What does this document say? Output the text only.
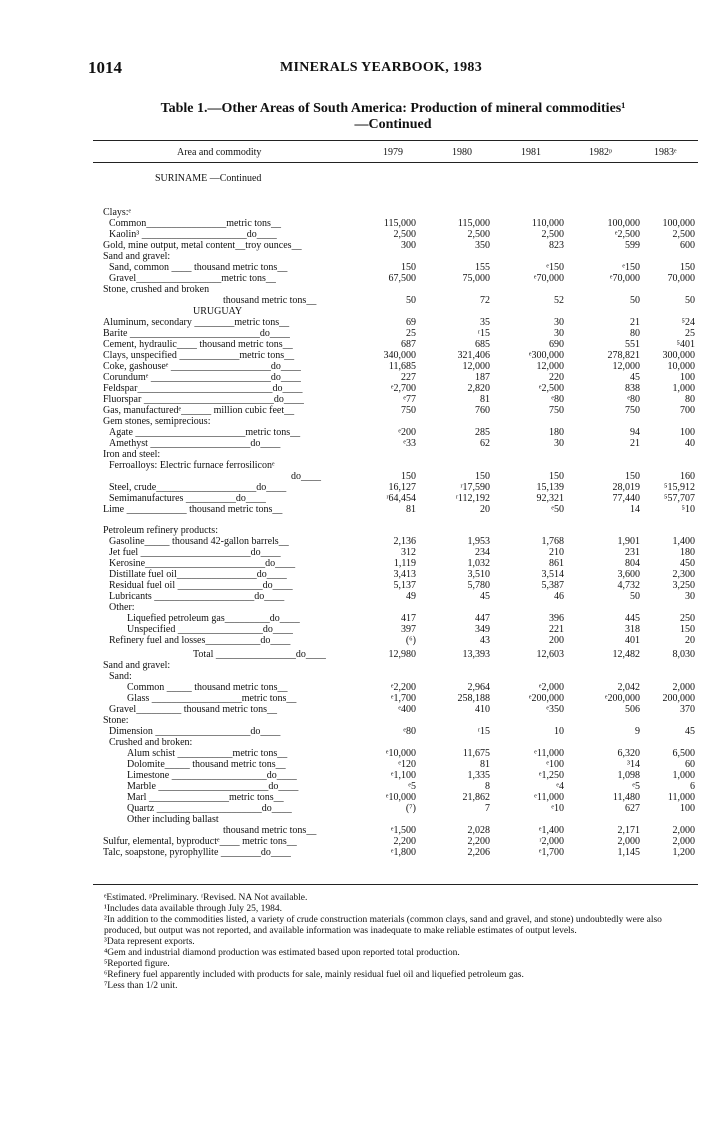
1014	MINERALS YEARBOOK, 1983
Table 1.—Other Areas of South America: Production of mineral commodities¹
—Continued
Area and commodity	1979	1980	1981	1982ᵖ	1983ᵉ
SURINAME —Continued
Clays:ᵉ
Common________________metric tons__	115,000	115,000	110,000	100,000	100,000
Kaolin³ _____________________do____	2,500	2,500	2,500	ᵉ2,500	2,500
Gold, mine output, metal content__troy ounces__	300	350	823	599	600
Sand and gravel:
Sand, common ____ thousand metric tons__	150	155	ᵉ150	ᵉ150	150
Gravel_________________metric tons__	67,500	75,000	ᵉ70,000	ᵉ70,000	70,000
Stone, crushed and broken
thousand metric tons__	50	72	52	50	50
URUGUAY
Aluminum, secondary ________metric tons__	69	35	30	21	⁵24
Barite __________________________do____	25	ʳ15	30	80	25
Cement, hydraulic____ thousand metric tons__	687	685	690	551	⁵401
Clays, unspecified ____________metric tons__	340,000	321,406	ᵉ300,000	278,821	300,000
Coke, gashouseᵉ ____________________do____	11,685	12,000	12,000	12,000	10,000
Corundumᵉ ________________________do____	227	187	220	45	100
Feldspar___________________________do____	ᵉ2,700	2,820	ᵉ2,500	838	1,000
Fluorspar __________________________do____	ᵉ77	81	ᵉ80	ᵉ80	80
Gas, manufacturedᵉ______ million cubic feet__	750	760	750	750	700
Gem stones, semiprecious:
Agate ______________________metric tons__	ᵉ200	285	180	94	100
Amethyst ____________________do____	ᵉ33	62	30	21	40
Iron and steel:
Ferroalloys: Electric furnace ferrosiliconᵉ
do____	150	150	150	150	160
Steel, crude____________________do____	16,127	ʳ17,590	15,139	28,019	⁵15,912
Semimanufactures __________do____	ʳ64,454	ʳ112,192	92,321	77,440	⁵57,707
Lime ____________ thousand metric tons__	81	20	ᵉ50	14	⁵10
Petroleum refinery products:
Gasoline_____ thousand 42-gallon barrels__	2,136	1,953	1,768	1,901	1,400
Jet fuel ______________________do____	312	234	210	231	180
Kerosine________________________do____	1,119	1,032	861	804	450
Distillate fuel oil________________do____	3,413	3,510	3,514	3,600	2,300
Residual fuel oil _________________do____	5,137	5,780	5,387	4,732	3,250
Lubricants ____________________do____	49	45	46	50	30
Other:
Liquefied petroleum gas_________do____	417	447	396	445	250
Unspecified _________________do____	397	349	221	318	150
Refinery fuel and losses___________do____	(⁶)	43	200	401	20
Total ________________do____	12,980	13,393	12,603	12,482	8,030
Sand and gravel:
Sand:
Common _____ thousand metric tons__	ᵉ2,200	2,964	ᵉ2,000	2,042	2,000
Glass __________________metric tons__	ᵉ1,700	258,188	ᵉ200,000	ᵉ200,000	200,000
Gravel_________ thousand metric tons__	ᵉ400	410	ᵉ350	506	370
Stone:
Dimension ___________________do____	ᵉ80	ʳ15	10	9	45
Crushed and broken:
Alum schist ___________metric tons__	ᵉ10,000	11,675	ᵉ11,000	6,320	6,500
Dolomite_____ thousand metric tons__	ᵉ120	81	ᵉ100	³14	60
Limestone ___________________do____	ᵉ1,100	1,335	ᵉ1,250	1,098	1,000
Marble ______________________do____	ᵉ5	8	ᵉ4	ᵉ5	6
Marl ________________metric tons__	ᵉ10,000	21,862	ᵉ11,000	11,480	11,000
Quartz _____________________do____	(⁷)	7	ᵉ10	627	100
Other including ballast
thousand metric tons__	ᵉ1,500	2,028	ᵉ1,400	2,171	2,000
Sulfur, elemental, byproductᵉ____ metric tons__	2,200	2,200	ʳ2,000	2,000	2,000
Talc, soapstone, pyrophyllite ________do____	ᵉ1,800	2,206	ᵉ1,700	1,145	1,200

ᵉEstimated. ᵖPreliminary. ʳRevised. NA Not available.

¹Includes data available through July 25, 1984.

²In addition to the commodities listed, a variety of crude construction materials (common clays, sand and gravel, and stone) undoubtedly were also produced, but output was not reported, and available information was inadequate to make reliable estimates of output levels.

³Data represent exports.

⁴Gem and industrial diamond production was estimated based upon reported total production.

⁵Reported figure.

⁶Refinery fuel apparently included with products for sale, mainly residual fuel oil and liquefied petroleum gas.

⁷Less than 1/2 unit.
